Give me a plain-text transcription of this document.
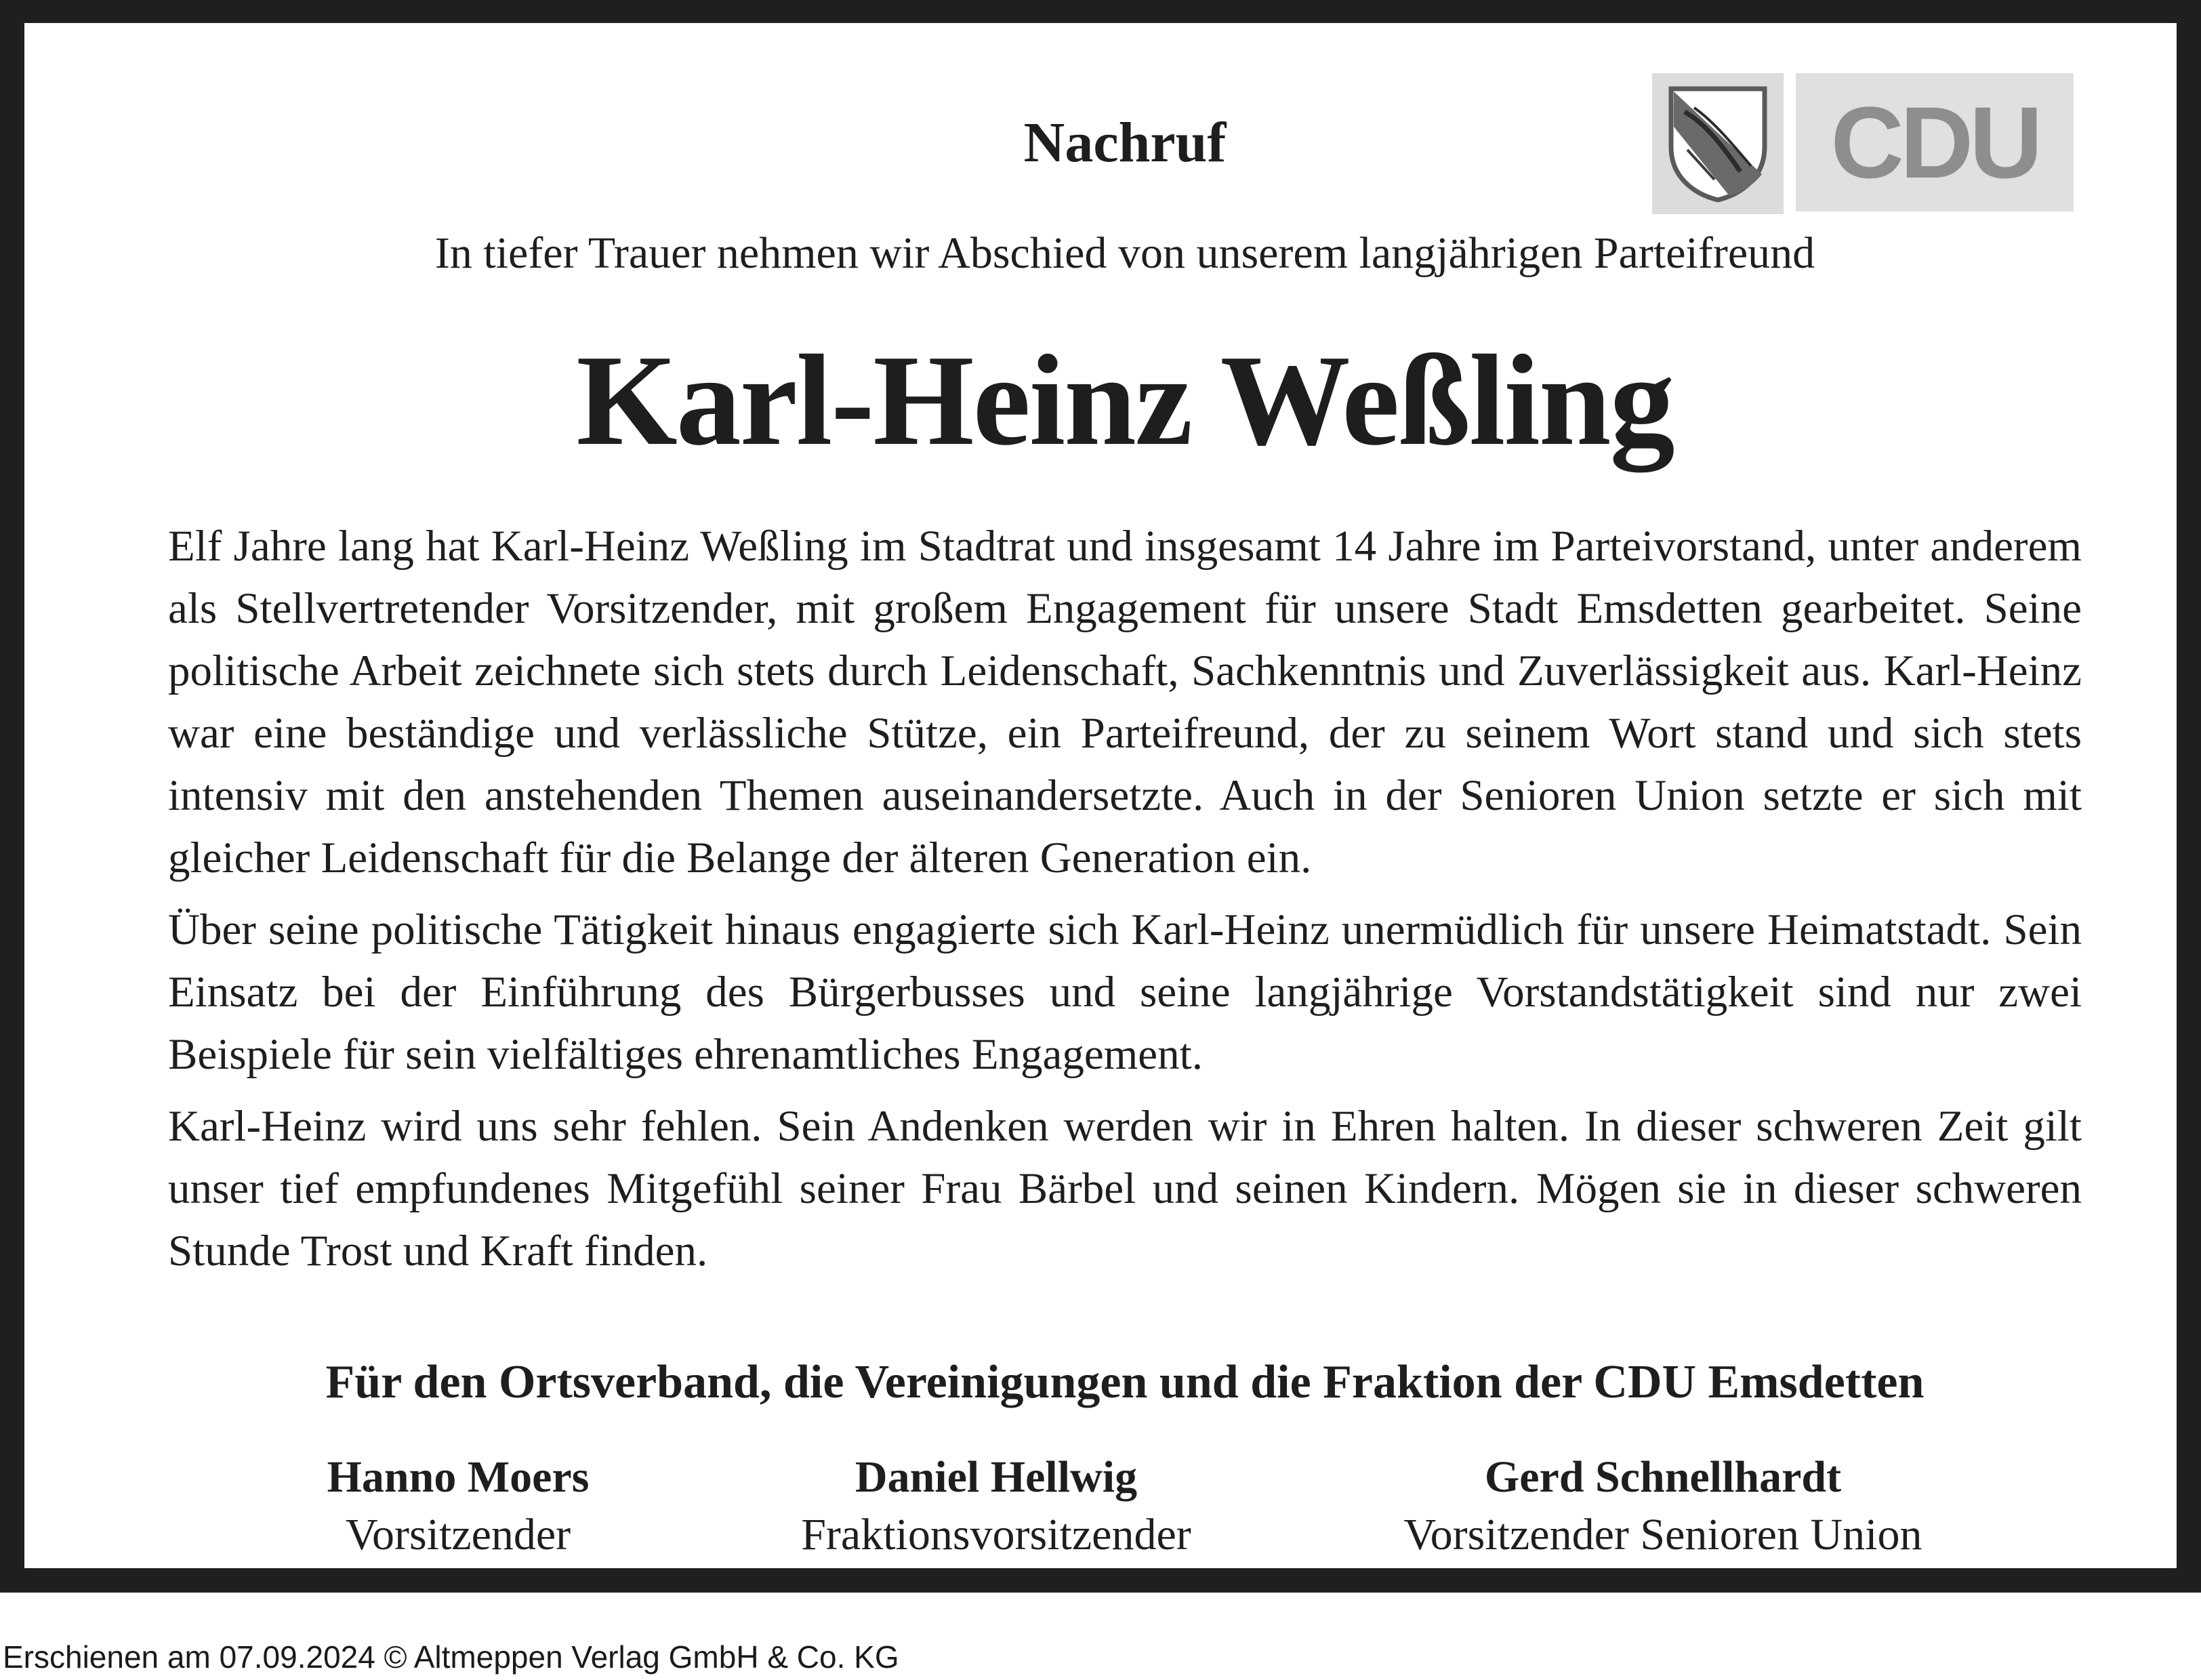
CDU
Nachruf

In tiefer Trauer nehmen wir Abschied von unserem langjährigen Parteifreund

Karl-Heinz Weßling

Elf Jahre lang hat Karl-Heinz Weßling im Stadtrat und insgesamt 14 Jahre im Parteivorstand, unter anderem als Stellvertretender Vorsitzender, mit großem Engagement für unsere Stadt Emsdetten gearbeitet. Seine politische Arbeit zeichnete sich stets durch Leidenschaft, Sachkenntnis und Zuverlässigkeit aus. Karl-Heinz war eine beständige und verlässliche Stütze, ein Parteifreund, der zu seinem Wort stand und sich stets intensiv mit den anstehenden Themen auseinandersetzte. Auch in der Senioren Union setzte er sich mit gleicher Leidenschaft für die Belange der älteren Generation ein.

Über seine politische Tätigkeit hinaus engagierte sich Karl-Heinz unermüdlich für unsere Heimatstadt. Sein Einsatz bei der Einführung des Bürgerbusses und seine langjährige Vorstandstätigkeit sind nur zwei Beispiele für sein vielfältiges ehrenamtliches Engagement.

Karl-Heinz wird uns sehr fehlen. Sein Andenken werden wir in Ehren halten. In dieser schweren Zeit gilt unser tief empfundenes Mitgefühl seiner Frau Bärbel und seinen Kindern. Mögen sie in dieser schweren Stunde Trost und Kraft finden.

Für den Ortsverband, die Vereinigungen und die Fraktion der CDU Emsdetten

Hanno Moers
Vorsitzender
Daniel Hellwig
Fraktionsvorsitzender
Gerd Schnellhardt
Vorsitzender Senioren Union
Erschienen am 07.09.2024 © Altmeppen Verlag GmbH & Co. KG
